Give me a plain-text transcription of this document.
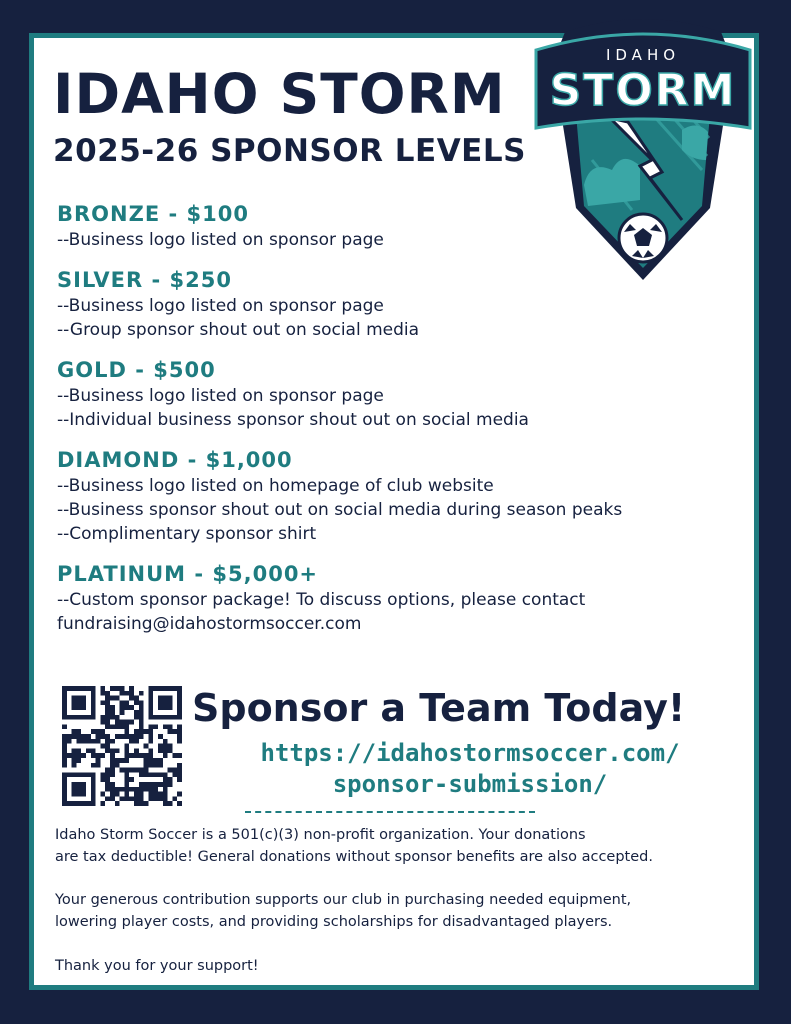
IDAHO STORM
2025-26 SPONSOR LEVELS
IDAHO
STORM
BRONZE - $100
--Business logo listed on sponsor page
SILVER - $250
--Business logo listed on sponsor page
--Group sponsor shout out on social media
GOLD - $500
--Business logo listed on sponsor page
--Individual business sponsor shout out on social media
DIAMOND - $1,000
--Business logo listed on homepage of club website
--Business sponsor shout out on social media during season peaks
--Complimentary sponsor shirt
PLATINUM - $5,000+
--Custom sponsor package! To discuss options, please contact
fundraising@idahostormsoccer.com
Sponsor a Team Today!
https://idahostormsoccer.com/
sponsor-submission/
Idaho Storm Soccer is a 501(c)(3) non-profit organization. Your donations
are tax deductible! General donations without sponsor benefits are also accepted.
Your generous contribution supports our club in purchasing needed equipment,
lowering player costs, and providing scholarships for disadvantaged players.
Thank you for your support!
